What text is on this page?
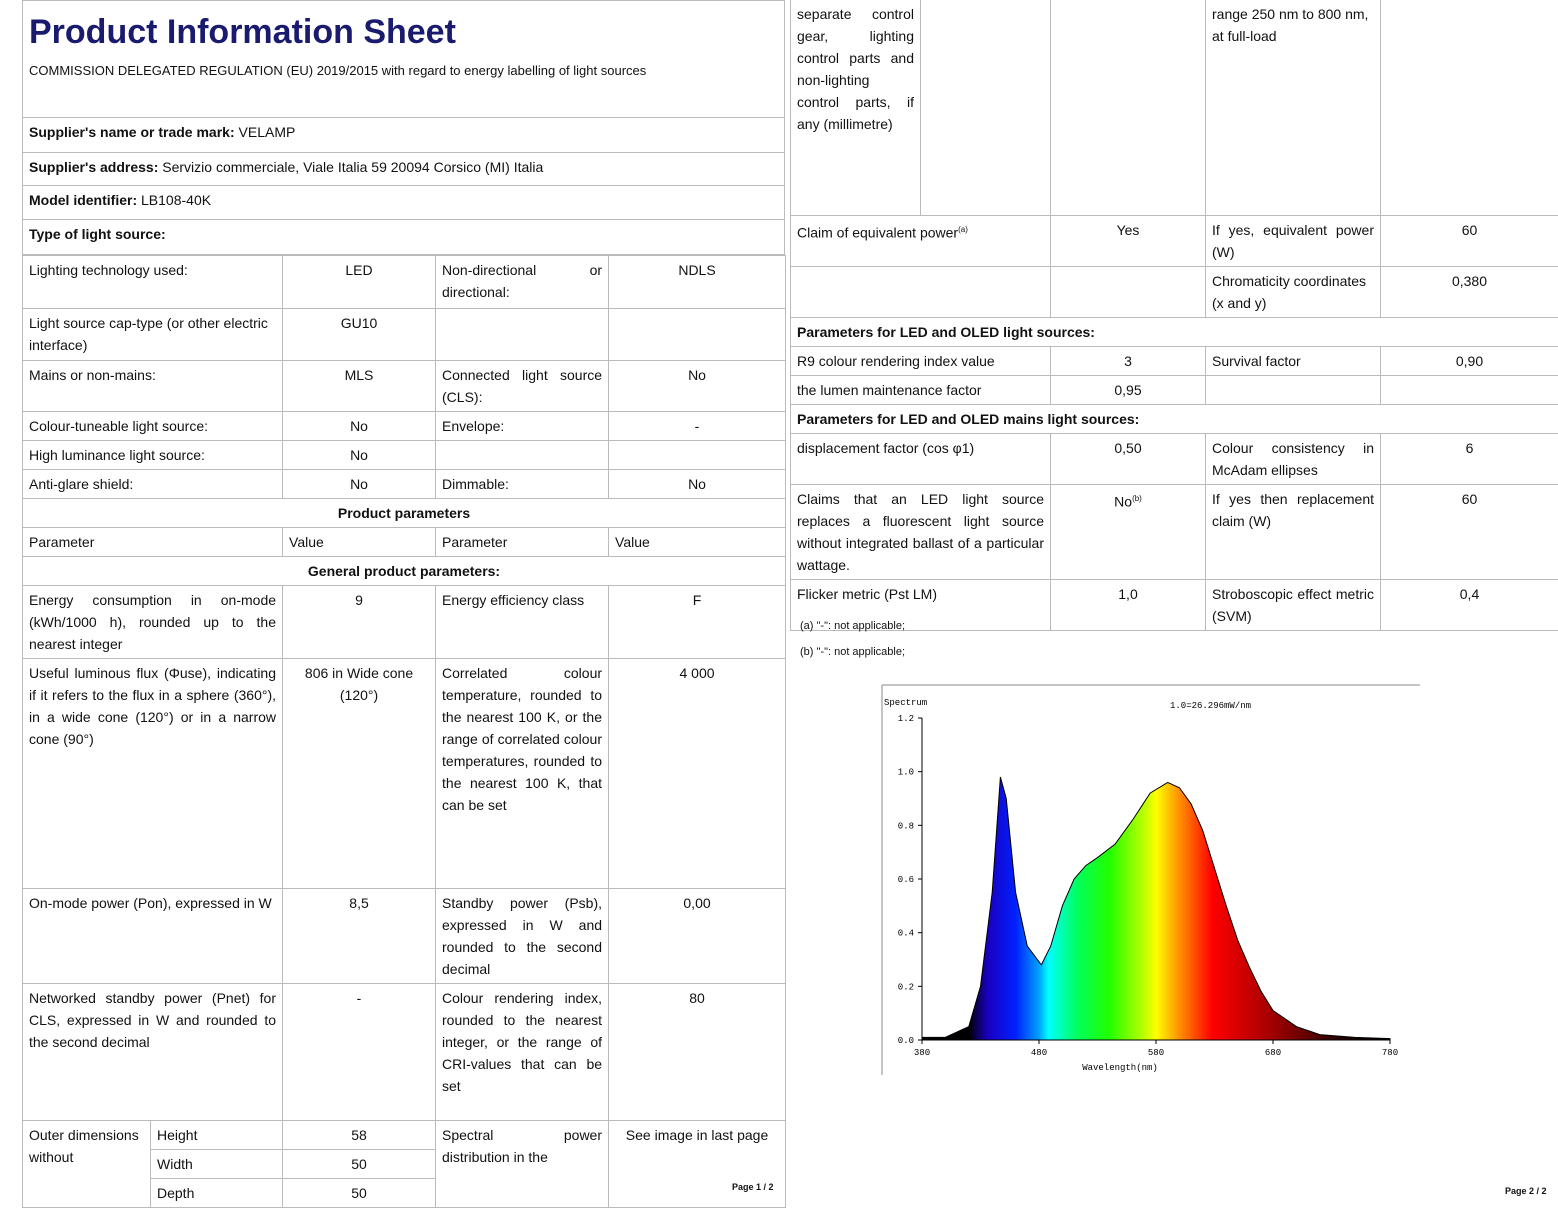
Product Information Sheet

COMMISSION DELEGATED REGULATION (EU) 2019/2015 with regard to energy labelling of light sources
Supplier's name or trade mark: VELAMP
Supplier's address: Servizio commerciale, Viale Italia 59 20094 Corsico (MI) Italia
Model identifier: LB108-40K
Type of light source:
Lighting technology used:		LED	Non-directional or directional:	NDLS
Light source cap-type (or other electric interface)		GU10		
Mains or non-mains:		MLS	Connected light source (CLS):	No
Colour-tuneable light source:		No	Envelope:	-
High luminance light source:		No		
Anti-glare shield:		No	Dimmable:	No
Product parameters				
Parameter		Value	Parameter	Value
General product parameters:				
Energy consumption in on-mode (kWh/1000 h), rounded up to the nearest integer		9	Energy efficiency class	F
Useful luminous flux (Φuse), indicating if it refers to the flux in a sphere (360°), in a wide cone (120°) or in a narrow cone (90°)		806 in Wide cone (120°)	Correlated colour temperature, rounded to the nearest 100 K, or the range of correlated colour temperatures, rounded to the nearest 100 K, that can be set	4 000
On-mode power (Pon), expressed in W		8,5	Standby power (Psb), expressed in W and rounded to the second decimal	0,00
Networked standby power (Pnet) for CLS, expressed in W and rounded to the second decimal		-	Colour rendering index, rounded to the nearest integer, or the range of CRI-values that can be set	80
Outer dimensions without	Height	58	Spectral power distribution in the	See image in last page
	Width	50		
	Depth	50			Page 1 / 2
separate control gear, lighting control parts and non-lighting control parts, if any (millimetre)			range 250 nm to 800 nm, at full-load	
Claim of equivalent power$^{(a)}$		Yes	If yes, equivalent power (W)	60
			Chromaticity coordinates (x and y)	0,380
Parameters for LED and OLED light sources:				
R9 colour rendering index value		3	Survival factor	0,90
the lumen maintenance factor		0,95		
Parameters for LED and OLED mains light sources:				
displacement factor (cos φ1)		0,50	Colour consistency in McAdam ellipses	6
Claims that an LED light source replaces a fluorescent light source without integrated ballast of a particular wattage.		No$^{(b)}$	If yes then replacement claim (W)	60
Flicker metric (Pst LM)		1,0	Stroboscopic effect metric (SVM)	0,4
(a) "-": not applicable;
(b) "-": not applicable;
Spectrum	1.0=26.296mW/nm
Wavelength(nm)
0.0
0.2
0.4
0.6
0.8
1.0
1.2
380	480	580	680	780
Page 2 / 2
